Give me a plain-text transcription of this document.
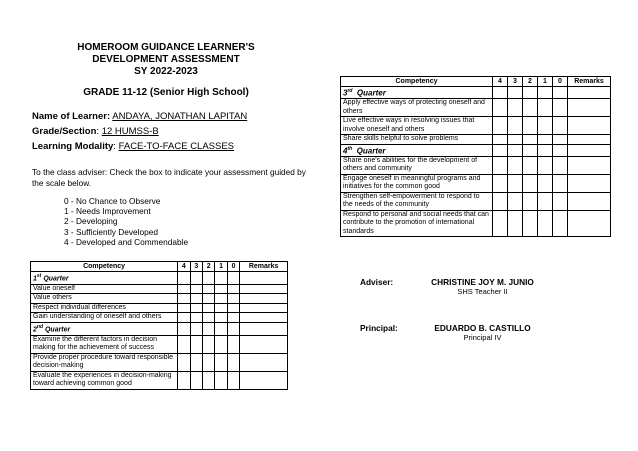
HOMEROOM GUIDANCE LEARNER'S
DEVELOPMENT ASSESSMENT
SY 2022-2023
GRADE 11-12 (Senior High School)
Name of Learner: ANDAYA, JONATHAN LAPITAN
Grade/Section: 12 HUMSS-B
Learning Modality: FACE-TO-FACE CLASSES
To the class adviser: Check the box to indicate your assessment guided by the scale below.
0 - No Chance to Observe
1 - Needs Improvement
2 - Developing
3 - Sufficiently Developed
4 - Developed and Commendable
Competency	4	3	2	1	0	Remarks
1st Quarter						
Value oneself						
Value others						
Respect individual differences						
Gain understanding of oneself and others						
2nd Quarter						
Examine the different factors in decision making for the achievement of success						
Provide proper procedure toward responsible decision-making						
Evaluate the experiences in decision-making toward achieving common good						
Competency	4	3	2	1	0	Remarks
3rd Quarter						
Apply effective ways of protecting oneself and others						
Live effective ways in resolving issues that involve oneself and others						
Share skills helpful to solve problems						
4th Quarter						
Share one's abilities for the development of others and community						
Engage oneself in meaningful programs and initiatives for the common good						
Strengthen self-empowerment to respond to the needs of the community						
Respond to personal and social needs that can contribute to the promotion of international standards						
Adviser:	CHRISTINE JOY M. JUNIO
SHS Teacher II
Principal:	EDUARDO B. CASTILLO
Principal IV
